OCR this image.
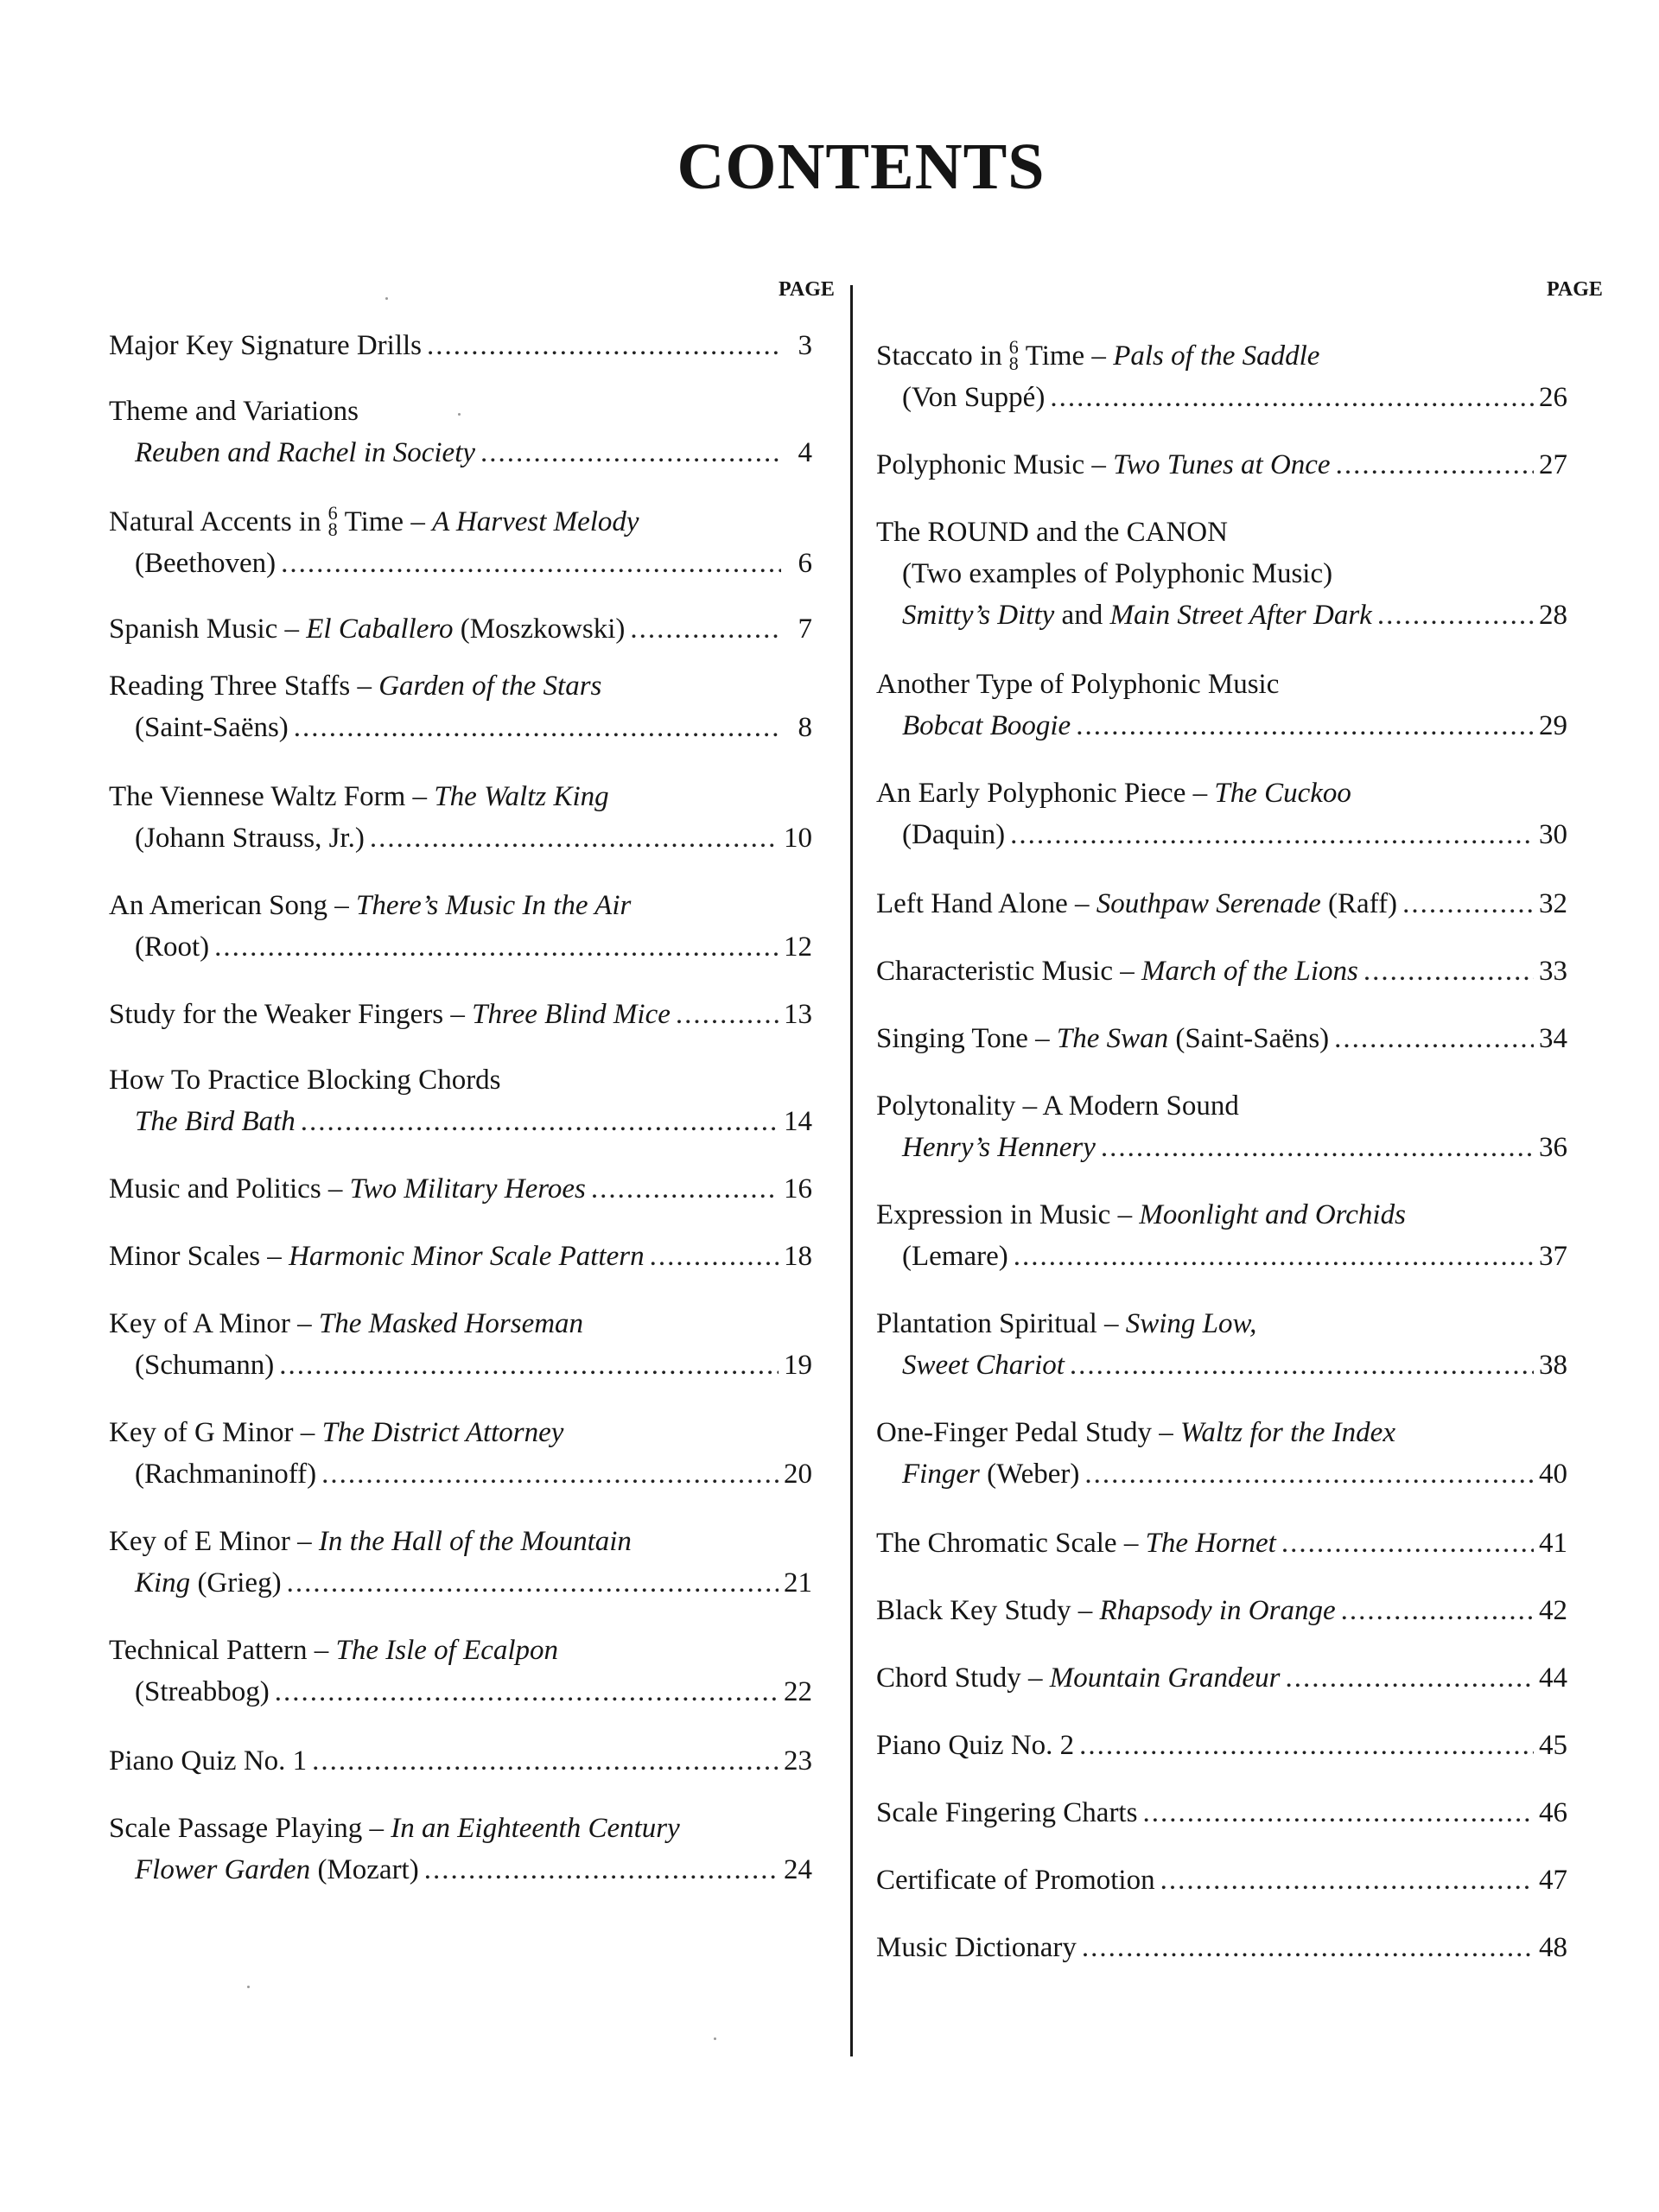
CONTENTS
PAGE	PAGE
Major Key Signature Drills .....	3
Theme and Variations
Reuben and Rachel in Society .....	4
Natural Accents in 6
8 Time – A Harvest Melody
(Beethoven) .....	6
Spanish Music – El Caballero (Moszkowski) .....	7
Reading Three Staffs – Garden of the Stars
(Saint-Saëns) .....	8
The Viennese Waltz Form – The Waltz King
(Johann Strauss, Jr.) .....	10
An American Song – There’s Music In the Air
(Root) .....	12
Study for the Weaker Fingers – Three Blind Mice .....	13
How To Practice Blocking Chords
The Bird Bath .....	14
Music and Politics – Two Military Heroes .....	16
Minor Scales – Harmonic Minor Scale Pattern .....	18
Key of A Minor – The Masked Horseman
(Schumann) .....	19
Key of G Minor – The District Attorney
(Rachmaninoff) .....	20
Key of E Minor – In the Hall of the Mountain
King (Grieg) .....	21
Technical Pattern – The Isle of Ecalpon
(Streabbog) .....	22
Piano Quiz No. 1 .....	23
Scale Passage Playing – In an Eighteenth Century
Flower Garden (Mozart) .....	24
Staccato in 6
8 Time – Pals of the Saddle
(Von Suppé) .....	26
Polyphonic Music – Two Tunes at Once .....	27
The ROUND and the CANON
(Two examples of Polyphonic Music)
Smitty’s Ditty and Main Street After Dark .....	28
Another Type of Polyphonic Music
Bobcat Boogie .....	29
An Early Polyphonic Piece – The Cuckoo
(Daquin) .....	30
Left Hand Alone – Southpaw Serenade (Raff) .....	32
Characteristic Music – March of the Lions .....	33
Singing Tone – The Swan (Saint-Saëns) .....	34
Polytonality – A Modern Sound
Henry’s Hennery .....	36
Expression in Music – Moonlight and Orchids
(Lemare) .....	37
Plantation Spiritual – Swing Low,
Sweet Chariot .....	38
One-Finger Pedal Study – Waltz for the Index
Finger (Weber) .....	40
The Chromatic Scale – The Hornet .....	41
Black Key Study – Rhapsody in Orange .....	42
Chord Study – Mountain Grandeur .....	44
Piano Quiz No. 2 .....	45
Scale Fingering Charts .....	46
Certificate of Promotion .....	47
Music Dictionary .....	48
